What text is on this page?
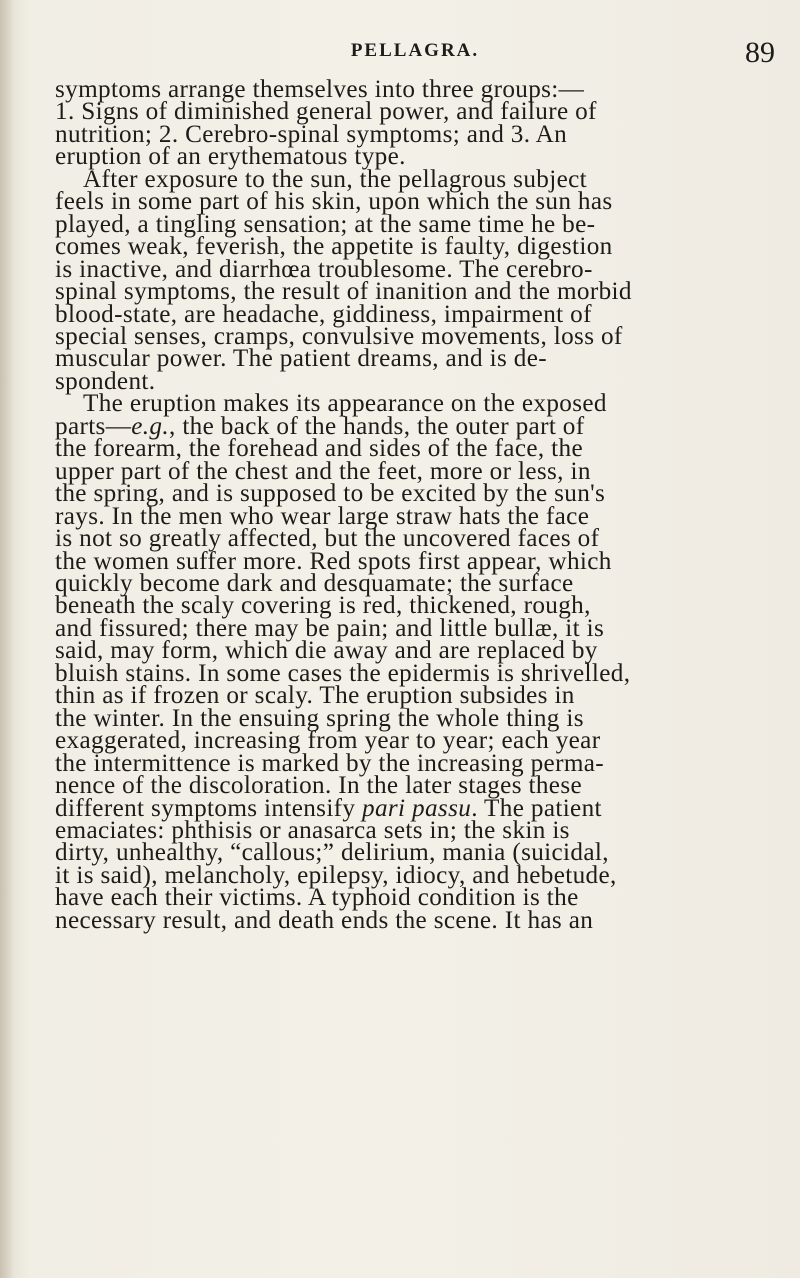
PELLAGRA.	89

symptoms arrange themselves into three groups:—
1. Signs of diminished general power, and failure of
nutrition; 2. Cerebro-spinal symptoms; and 3. An
eruption of an erythematous type.

After exposure to the sun, the pellagrous subject
feels in some part of his skin, upon which the sun has
played, a tingling sensation; at the same time he be-
comes weak, feverish, the appetite is faulty, digestion
is inactive, and diarrhœa troublesome. The cerebro-
spinal symptoms, the result of inanition and the morbid
blood-state, are headache, giddiness, impairment of
special senses, cramps, convulsive movements, loss of
muscular power. The patient dreams, and is de-
spondent.

The eruption makes its appearance on the exposed
parts—e.g., the back of the hands, the outer part of
the forearm, the forehead and sides of the face, the
upper part of the chest and the feet, more or less, in
the spring, and is supposed to be excited by the sun's
rays. In the men who wear large straw hats the face
is not so greatly affected, but the uncovered faces of
the women suffer more. Red spots first appear, which
quickly become dark and desquamate; the surface
beneath the scaly covering is red, thickened, rough,
and fissured; there may be pain; and little bullæ, it is
said, may form, which die away and are replaced by
bluish stains. In some cases the epidermis is shrivelled,
thin as if frozen or scaly. The eruption subsides in
the winter. In the ensuing spring the whole thing is
exaggerated, increasing from year to year; each year
the intermittence is marked by the increasing perma-
nence of the discoloration. In the later stages these
different symptoms intensify pari passu. The patient
emaciates: phthisis or anasarca sets in; the skin is
dirty, unhealthy, “callous;” delirium, mania (suicidal,
it is said), melancholy, epilepsy, idiocy, and hebetude,
have each their victims. A typhoid condition is the
necessary result, and death ends the scene. It has an
